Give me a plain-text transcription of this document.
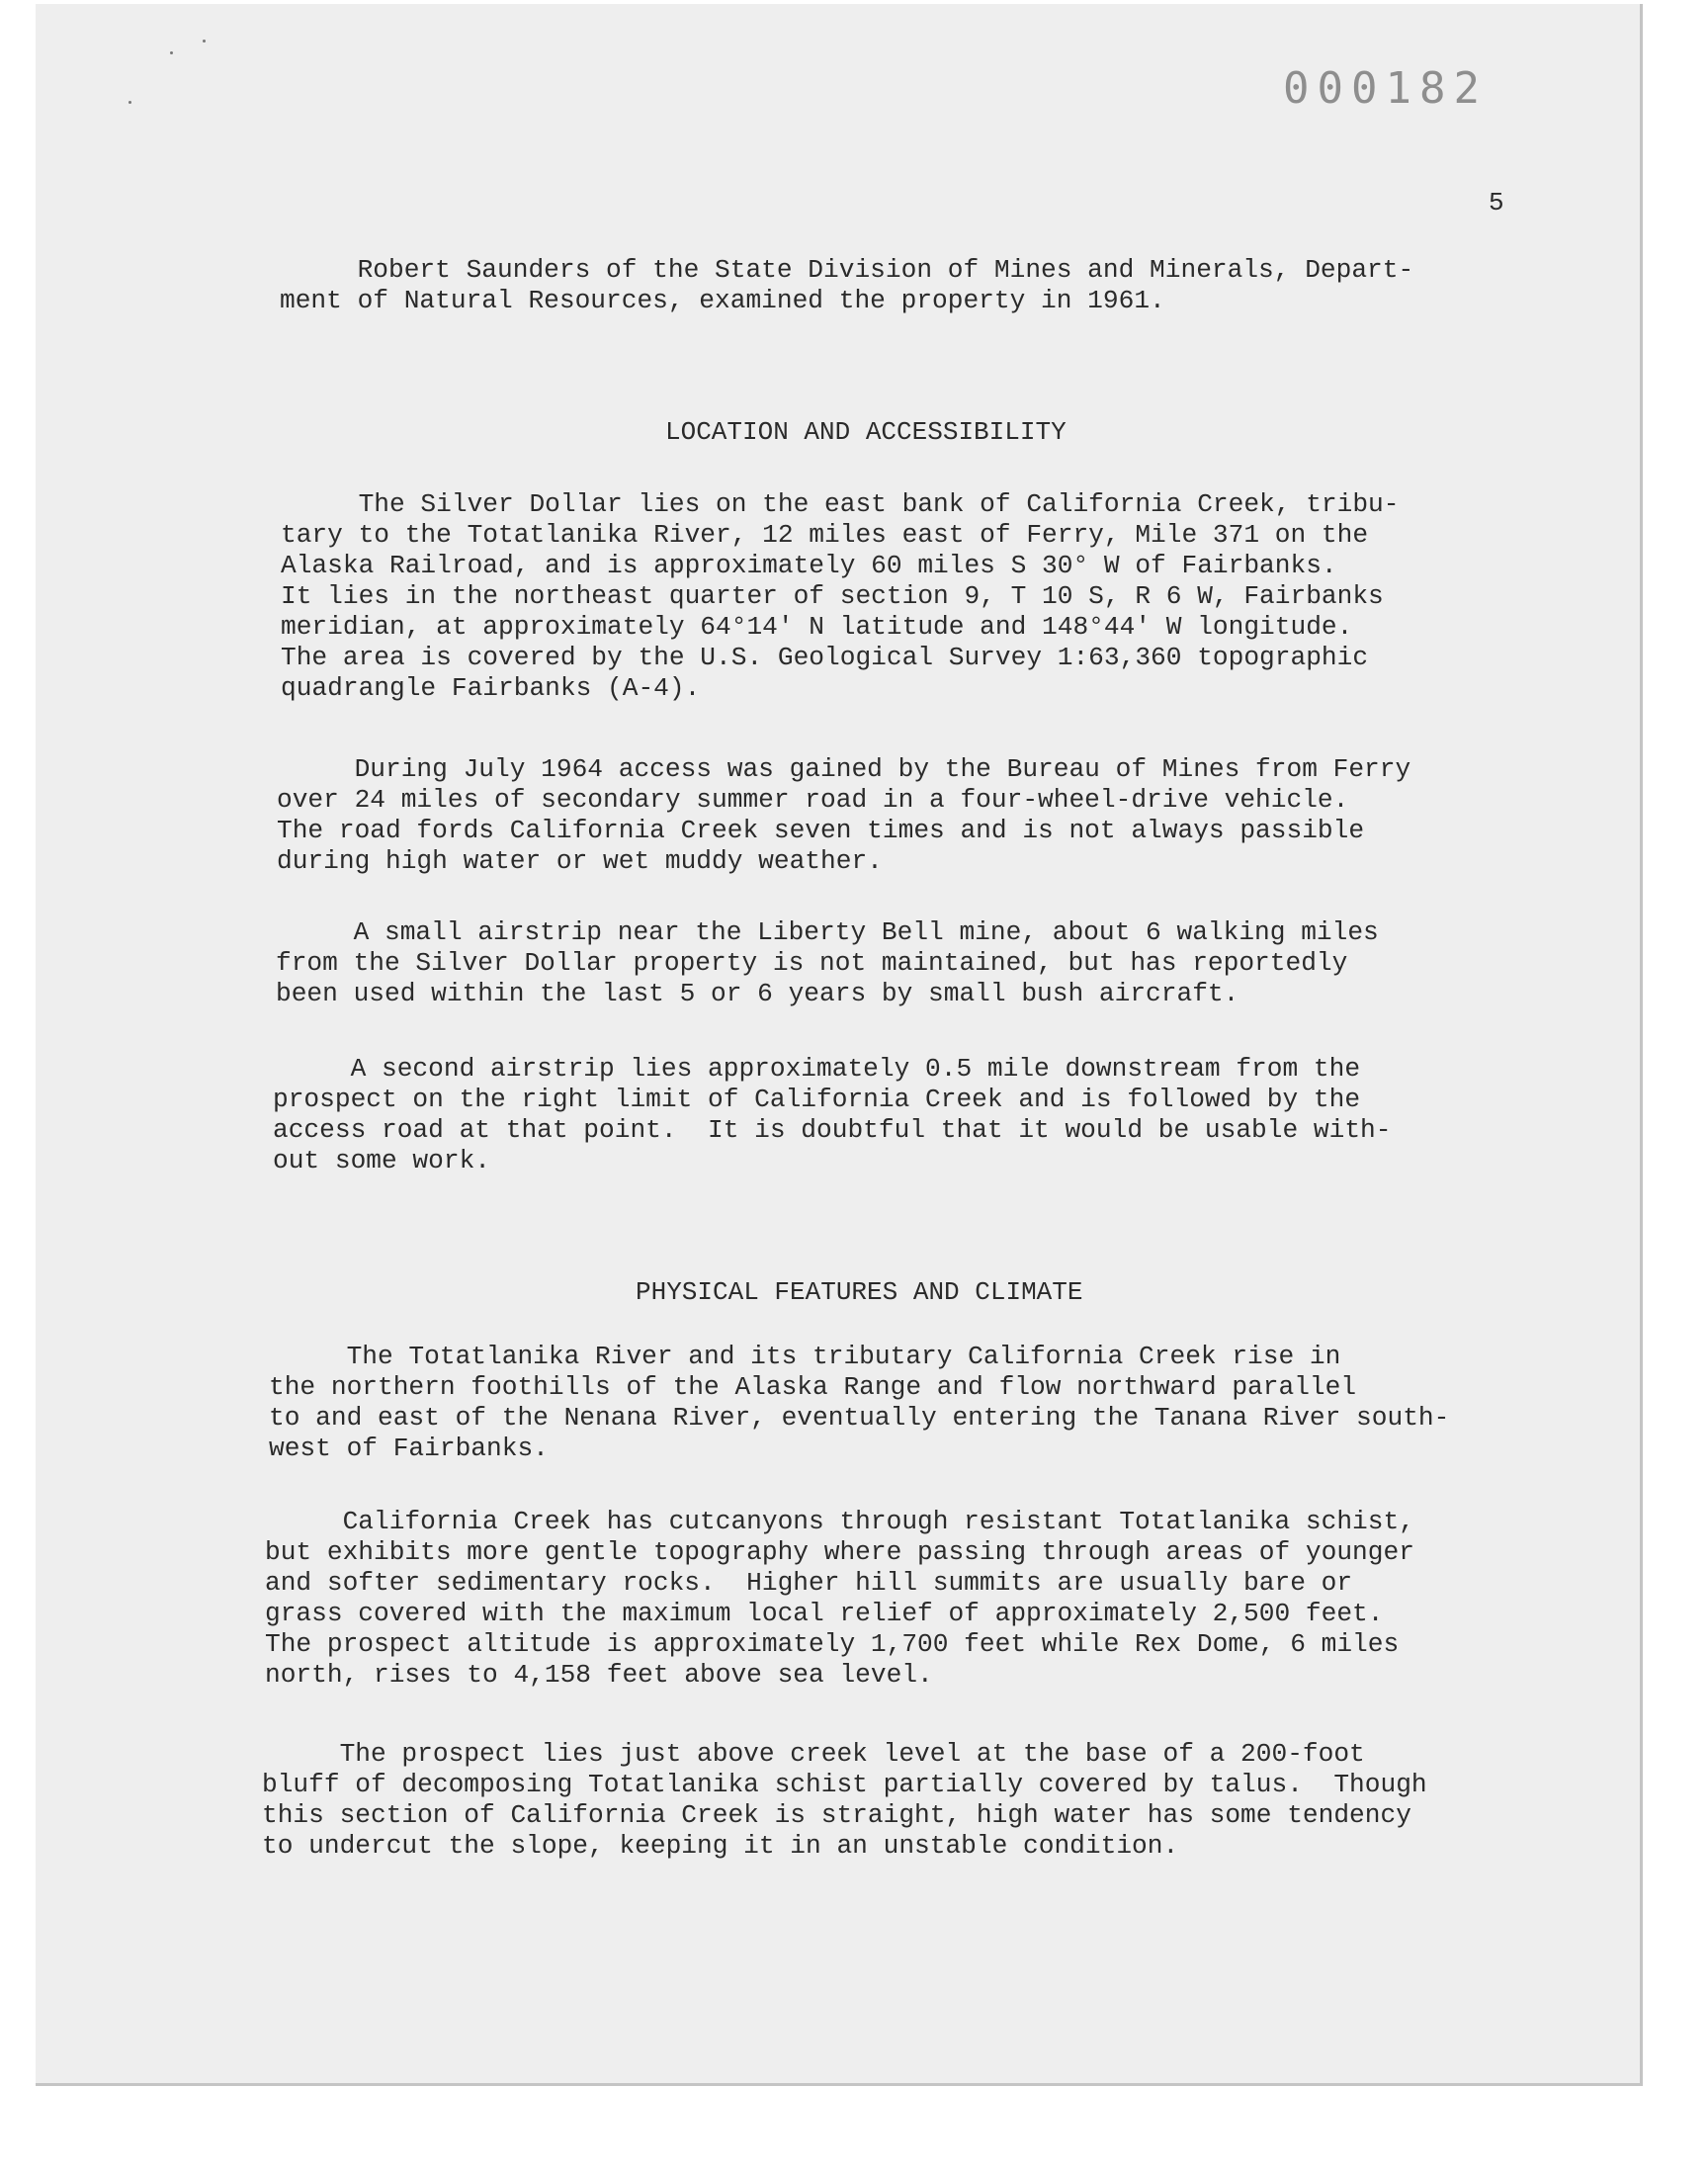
000182
5

Robert Saunders of the State Division of Mines and Minerals, Depart-
ment of Natural Resources, examined the property in 1961.

LOCATION AND ACCESSIBILITY

The Silver Dollar lies on the east bank of California Creek, tribu-
tary to the Totatlanika River, 12 miles east of Ferry, Mile 371 on the
Alaska Railroad, and is approximately 60 miles S 30° W of Fairbanks.
It lies in the northeast quarter of section 9, T 10 S, R 6 W, Fairbanks
meridian, at approximately 64°14' N latitude and 148°44' W longitude.
The area is covered by the U.S. Geological Survey 1:63,360 topographic
quadrangle Fairbanks (A-4).

During July 1964 access was gained by the Bureau of Mines from Ferry
over 24 miles of secondary summer road in a four-wheel-drive vehicle.
The road fords California Creek seven times and is not always passible
during high water or wet muddy weather.

A small airstrip near the Liberty Bell mine, about 6 walking miles
from the Silver Dollar property is not maintained, but has reportedly
been used within the last 5 or 6 years by small bush aircraft.

A second airstrip lies approximately 0.5 mile downstream from the
prospect on the right limit of California Creek and is followed by the
access road at that point.  It is doubtful that it would be usable with-
out some work.

PHYSICAL FEATURES AND CLIMATE

The Totatlanika River and its tributary California Creek rise in
the northern foothills of the Alaska Range and flow northward parallel
to and east of the Nenana River, eventually entering the Tanana River south-
west of Fairbanks.

California Creek has cutcanyons through resistant Totatlanika schist,
but exhibits more gentle topography where passing through areas of younger
and softer sedimentary rocks.  Higher hill summits are usually bare or
grass covered with the maximum local relief of approximately 2,500 feet.
The prospect altitude is approximately 1,700 feet while Rex Dome, 6 miles
north, rises to 4,158 feet above sea level.

The prospect lies just above creek level at the base of a 200-foot
bluff of decomposing Totatlanika schist partially covered by talus.  Though
this section of California Creek is straight, high water has some tendency
to undercut the slope, keeping it in an unstable condition.
